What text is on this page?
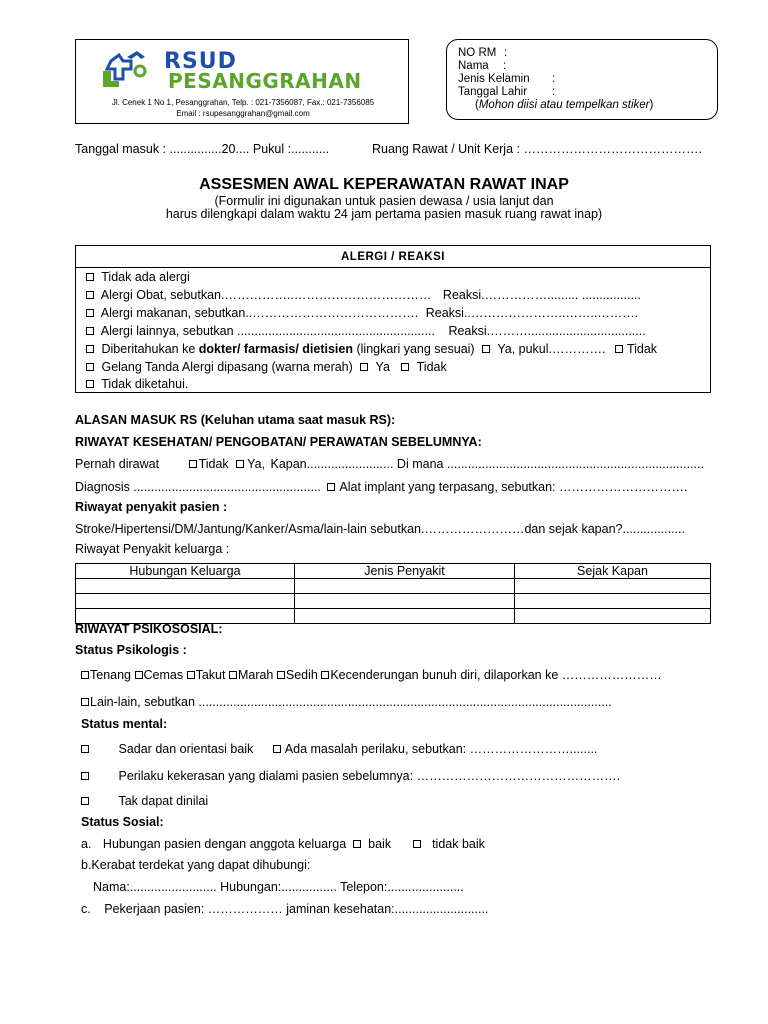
RSUD
PESANGGRAHAN
Jl. Cenek 1 No 1, Pesanggrahan, Telp. : 021-7356087, Fax.: 021-7356085
Email : rsupesanggrahan@gmail.com
NO RM :
Nama :
Jenis Kelamin :
Tanggal Lahir :
(Mohon diisi atau tempelkan stiker)
Tanggal masuk : ...............20.... Pukul :...........	Ruang Rawat / Unit Kerja : …………………………………….
ASSESMEN AWAL KEPERAWATAN RAWAT INAP
(Formulir ini digunakan untuk pasien dewasa / usia lanjut dan
harus dilengkapi dalam waktu 24 jam pertama pasien masuk ruang rawat inap)
ALERGI / REAKSI
Tidak ada alergi
Alergi Obat, sebutkan.……………..…………………………… Reaksi.……………......... .................
Alergi makanan, sebutkan..…………………………………. Reaksi..…………………..……..……….
Alergi lainnya, sebutkan ......................................................... Reaksi.………..................................
Diberitahukan ke dokter/ farmasis/ dietisien (lingkari yang sesuai) Ya, pukul.…………. Tidak
Gelang Tanda Alergi dipasang (warna merah) Ya Tidak
Tidak diketahui.
ALASAN MASUK RS (Keluhan utama saat masuk RS):
RIWAYAT KESEHATAN/ PENGOBATAN/ PERAWATAN SEBELUMNYA:
Pernah dirawat	Tidak Ya, Kapan......................... Di mana ..........................................................................
Diagnosis ...................................................... Alat implant yang terpasang, sebutkan: ………………………….
Riwayat penyakit pasien :
Stroke/Hipertensi/DM/Jantung/Kanker/Asma/lain-lain sebutkan.……………………dan sejak kapan?..................
Riwayat Penyakit keluarga :
Hubungan Keluarga	Jenis Penyakit	Sejak Kapan

RIWAYAT PSIKOSOSIAL:
Status Psikologis :
Tenang Cemas Takut Marah Sedih Kecenderungan bunuh diri, dilaporkan ke ……………………
Lain-lain, sebutkan .......................................................................................................................
Status mental:
Sadar dan orientasi baik	Ada masalah perilaku, sebutkan: ……………………........
Perilaku kekerasan yang dialami pasien sebelumnya: ………………………………………….
Tak dapat dinilai
Status Sosial:
a. Hubungan pasien dengan anggota keluarga baik	tidak baik
b.Kerabat terdekat yang dapat dihubungi:
Nama:......................... Hubungan:................ Telepon:......................
c. Pekerjaan pasien: ……………… jaminan kesehatan:...........................
